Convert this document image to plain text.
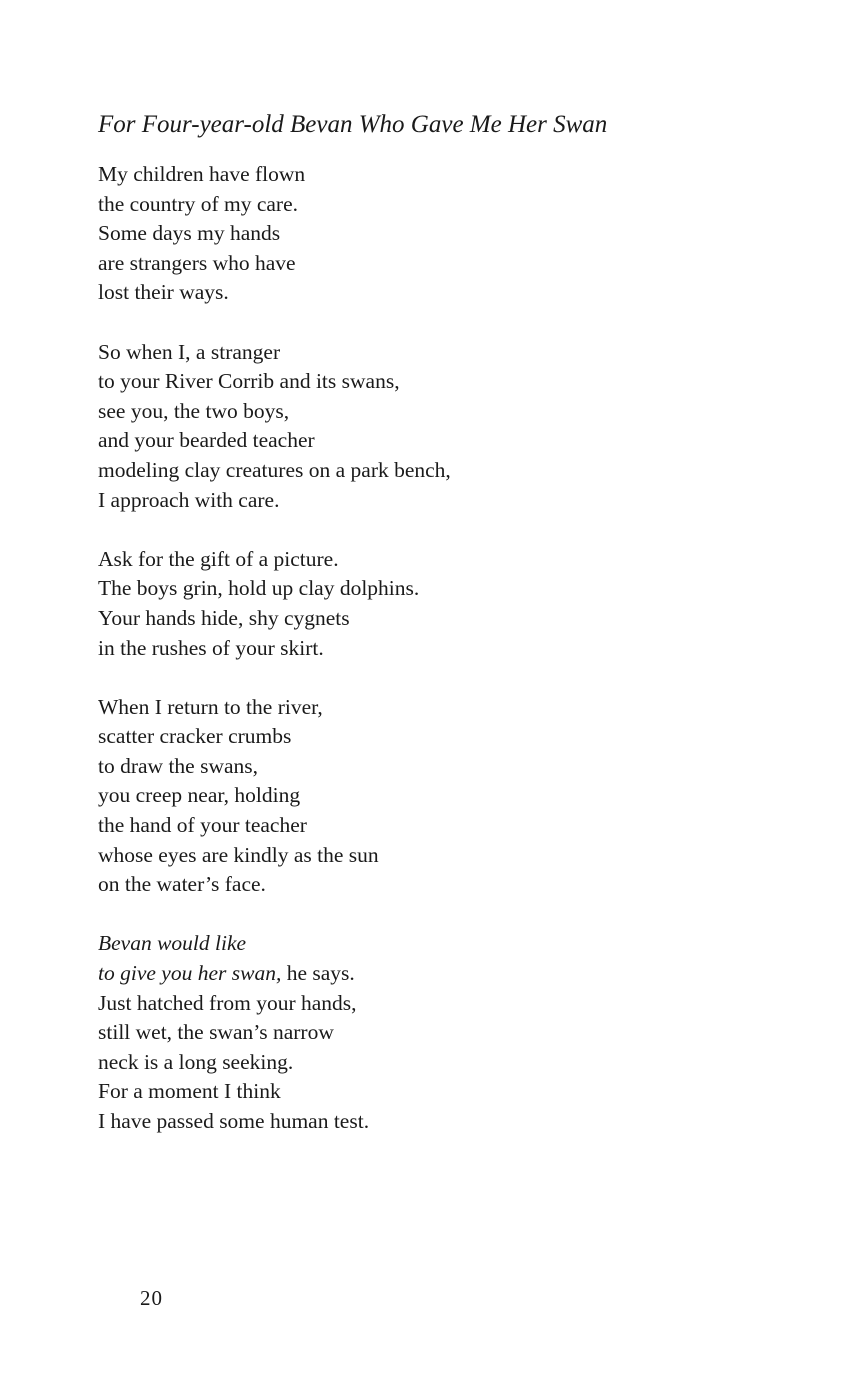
For Four-year-old Bevan Who Gave Me Her Swan
My children have flown
the country of my care.
Some days my hands
are strangers who have
lost their ways.
So when I, a stranger
to your River Corrib and its swans,
see you, the two boys,
and your bearded teacher
modeling clay creatures on a park bench,
I approach with care.
Ask for the gift of a picture.
The boys grin, hold up clay dolphins.
Your hands hide, shy cygnets
in the rushes of your skirt.
When I return to the river,
scatter cracker crumbs
to draw the swans,
you creep near, holding
the hand of your teacher
whose eyes are kindly as the sun
on the water’s face.
Bevan would like
to give you her swan, he says.
Just hatched from your hands,
still wet, the swan’s narrow
neck is a long seeking.
For a moment I think
I have passed some human test.
20
